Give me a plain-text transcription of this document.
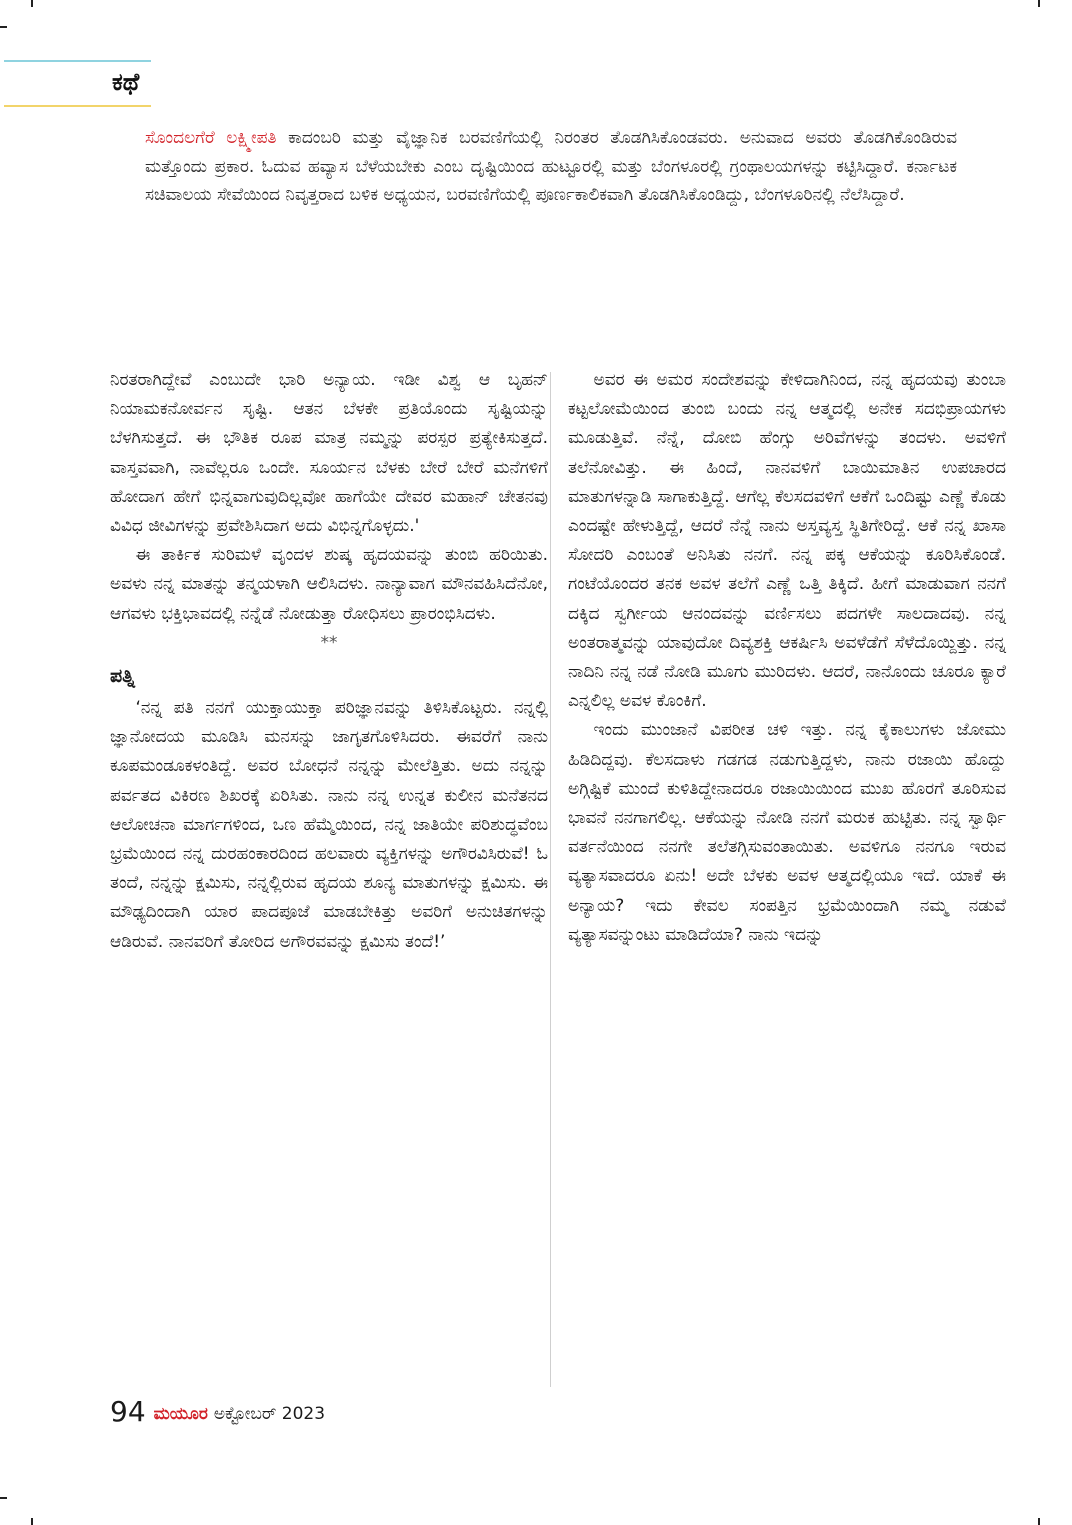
ಕಥೆ
ಸೊಂದಲಗೆರೆ ಲಕ್ಷ್ಮೀಪತಿ ಕಾದಂಬರಿ ಮತ್ತು ವೈಜ್ಞಾನಿಕ ಬರವಣಿಗೆಯಲ್ಲಿ ನಿರಂತರ ತೊಡಗಿಸಿಕೊಂಡವರು. ಅನುವಾದ ಅವರು ತೊಡಗಿಕೊಂಡಿರುವ ಮತ್ತೊಂದು ಪ್ರಕಾರ. ಓದುವ ಹವ್ಯಾಸ ಬೆಳೆಯಬೇಕು ಎಂಬ ದೃಷ್ಟಿಯಿಂದ ಹುಟ್ಟೂರಲ್ಲಿ ಮತ್ತು ಬೆಂಗಳೂರಲ್ಲಿ ಗ್ರಂಥಾಲಯಗಳನ್ನು ಕಟ್ಟಿಸಿದ್ದಾರೆ. ಕರ್ನಾಟಕ ಸಚಿವಾಲಯ ಸೇವೆಯಿಂದ ನಿವೃತ್ತರಾದ ಬಳಿಕ ಅಧ್ಯಯನ, ಬರವಣಿಗೆಯಲ್ಲಿ ಪೂರ್ಣಕಾಲಿಕವಾಗಿ ತೊಡಗಿಸಿಕೊಂಡಿದ್ದು, ಬೆಂಗಳೂರಿನಲ್ಲಿ ನೆಲೆಸಿದ್ದಾರೆ.

ನಿರತರಾಗಿದ್ದೇವೆ ಎಂಬುದೇ ಭಾರಿ ಅನ್ಯಾಯ. ಇಡೀ ವಿಶ್ವ ಆ ಬೃಹನ್ ನಿಯಾಮಕನೋರ್ವನ ಸೃಷ್ಟಿ. ಆತನ ಬೆಳಕೇ ಪ್ರತಿಯೊಂದು ಸೃಷ್ಟಿಯನ್ನು ಬೆಳಗಿಸುತ್ತದೆ. ಈ ಭೌತಿಕ ರೂಪ ಮಾತ್ರ ನಮ್ಮನ್ನು ಪರಸ್ಪರ ಪ್ರತ್ಯೇಕಿಸುತ್ತದೆ. ವಾಸ್ತವವಾಗಿ, ನಾವೆಲ್ಲರೂ ಒಂದೇ. ಸೂರ್ಯನ ಬೆಳಕು ಬೇರೆ ಬೇರೆ ಮನೆಗಳಿಗೆ ಹೋದಾಗ ಹೇಗೆ ಭಿನ್ನವಾಗುವುದಿಲ್ಲವೋ ಹಾಗೆಯೇ ದೇವರ ಮಹಾನ್ ಚೇತನವು ವಿವಿಧ ಜೀವಿಗಳನ್ನು ಪ್ರವೇಶಿಸಿದಾಗ ಅದು ವಿಭಿನ್ನಗೊಳ್ಳದು.'

ಈ ತಾರ್ಕಿಕ ಸುರಿಮಳೆ ವೃಂದಳ ಶುಷ್ಕ ಹೃದಯವನ್ನು ತುಂಬಿ ಹರಿಯಿತು. ಅವಳು ನನ್ನ ಮಾತನ್ನು ತನ್ಮಯಳಾಗಿ ಆಲಿಸಿದಳು. ನಾನ್ಯಾವಾಗ ಮೌನವಹಿಸಿದೆನೋ, ಆಗವಳು ಭಕ್ತಿಭಾವದಲ್ಲಿ ನನ್ನೆಡೆ ನೋಡುತ್ತಾ ರೋಧಿಸಲು ಪ್ರಾರಂಭಿಸಿದಳು.

**

ಪತ್ನಿ

‘ನನ್ನ ಪತಿ ನನಗೆ ಯುಕ್ತಾಯುಕ್ತಾ ಪರಿಜ್ಞಾನವನ್ನು ತಿಳಿಸಿಕೊಟ್ಟರು. ನನ್ನಲ್ಲಿ ಜ್ಞಾನೋದಯ ಮೂಡಿಸಿ ಮನಸನ್ನು ಜಾಗೃತಗೊಳಿಸಿದರು. ಈವರೆಗೆ ನಾನು ಕೂಪಮಂಡೂಕಳಂತಿದ್ದೆ. ಅವರ ಬೋಧನೆ ನನ್ನನ್ನು ಮೇಲೆತ್ತಿತು. ಅದು ನನ್ನನ್ನು ಪರ್ವತದ ವಿಕಿರಣ ಶಿಖರಕ್ಕೆ ಏರಿಸಿತು. ನಾನು ನನ್ನ ಉನ್ನತ ಕುಲೀನ ಮನೆತನದ ಆಲೋಚನಾ ಮಾರ್ಗಗಳಿಂದ, ಒಣ ಹೆಮ್ಮೆಯಿಂದ, ನನ್ನ ಜಾತಿಯೇ ಪರಿಶುದ್ಧವೆಂಬ ಭ್ರಮೆಯಿಂದ ನನ್ನ ದುರಹಂಕಾರದಿಂದ ಹಲವಾರು ವ್ಯಕ್ತಿಗಳನ್ನು ಅಗೌರವಿಸಿರುವೆ! ಓ ತಂದೆ, ನನ್ನನ್ನು ಕ್ಷಮಿಸು, ನನ್ನಲ್ಲಿರುವ ಹೃದಯ ಶೂನ್ಯ ಮಾತುಗಳನ್ನು ಕ್ಷಮಿಸು. ಈ ಮೌಢ್ಯದಿಂದಾಗಿ ಯಾರ ಪಾದಪೂಜೆ ಮಾಡಬೇಕಿತ್ತು ಅವರಿಗೆ ಅನುಚಿತಗಳನ್ನು ಆಡಿರುವೆ. ನಾನವರಿಗೆ ತೋರಿದ ಅಗೌರವವನ್ನು ಕ್ಷಮಿಸು ತಂದೆ!’

ಅವರ ಈ ಅಮರ ಸಂದೇಶವನ್ನು ಕೇಳಿದಾಗಿನಿಂದ, ನನ್ನ ಹೃದಯವು ತುಂಬಾ ಕಟ್ಟಲೋಮೆಯಿಂದ ತುಂಬಿ ಬಂದು ನನ್ನ ಆತ್ಮದಲ್ಲಿ ಅನೇಕ ಸದಭಿಪ್ರಾಯಗಳು ಮೂಡುತ್ತಿವೆ. ನೆನ್ನೆ, ದೋಬಿ ಹೆಂಗ್ಸು ಅರಿವೆಗಳನ್ನು ತಂದಳು. ಅವಳಿಗೆ ತಲೆನೋವಿತ್ತು. ಈ ಹಿಂದೆ, ನಾನವಳಿಗೆ ಬಾಯಿಮಾತಿನ ಉಪಚಾರದ ಮಾತುಗಳನ್ನಾಡಿ ಸಾಗಾಕುತ್ತಿದ್ದೆ. ಆಗೆಲ್ಲ ಕೆಲಸದವಳಿಗೆ ಆಕೆಗೆ ಒಂದಿಷ್ಟು ಎಣ್ಣೆ ಕೊಡು ಎಂದಷ್ಟೇ ಹೇಳುತ್ತಿದ್ದೆ, ಆದರೆ ನೆನ್ನೆ ನಾನು ಅಸ್ತವ್ಯಸ್ತ ಸ್ಥಿತಿಗೇರಿದ್ದೆ. ಆಕೆ ನನ್ನ ಖಾಸಾ ಸೋದರಿ ಎಂಬಂತೆ ಅನಿಸಿತು ನನಗೆ. ನನ್ನ ಪಕ್ಕ ಆಕೆಯನ್ನು ಕೂರಿಸಿಕೊಂಡೆ. ಗಂಟೆಯೊಂದರ ತನಕ ಅವಳ ತಲೆಗೆ ಎಣ್ಣೆ ಒತ್ತಿ ತಿಕ್ಕಿದೆ. ಹೀಗೆ ಮಾಡುವಾಗ ನನಗೆ ದಕ್ಕಿದ ಸ್ವರ್ಗೀಯ ಆನಂದವನ್ನು ವರ್ಣಿಸಲು ಪದಗಳೇ ಸಾಲದಾದವು. ನನ್ನ ಅಂತರಾತ್ಮವನ್ನು ಯಾವುದೋ ದಿವ್ಯಶಕ್ತಿ ಆಕರ್ಷಿಸಿ ಅವಳೆಡೆಗೆ ಸೆಳೆದೊಯ್ದಿತ್ತು. ನನ್ನ ನಾದಿನಿ ನನ್ನ ನಡೆ ನೋಡಿ ಮೂಗು ಮುರಿದಳು. ಆದರೆ, ನಾನೊಂದು ಚೂರೂ ಕ್ಯಾರೆ ಎನ್ನಲಿಲ್ಲ ಅವಳ ಕೊಂಕಿಗೆ.

ಇಂದು ಮುಂಜಾನೆ ವಿಪರೀತ ಚಳಿ ಇತ್ತು. ನನ್ನ ಕೈಕಾಲುಗಳು ಜೋಮು ಹಿಡಿದಿದ್ದವು. ಕೆಲಸದಾಳು ಗಡಗಡ ನಡುಗುತ್ತಿದ್ದಳು, ನಾನು ರಜಾಯಿ ಹೊದ್ದು ಅಗ್ಗಿಷ್ಟಿಕೆ ಮುಂದೆ ಕುಳಿತಿದ್ದೇನಾದರೂ ರಜಾಯಿಯಿಂದ ಮುಖ ಹೊರಗೆ ತೂರಿಸುವ ಭಾವನೆ ನನಗಾಗಲಿಲ್ಲ. ಆಕೆಯನ್ನು ನೋಡಿ ನನಗೆ ಮರುಕ ಹುಟ್ಟಿತು. ನನ್ನ ಸ್ವಾರ್ಥಿ ವರ್ತನೆಯಿಂದ ನನಗೇ ತಲೆತಗ್ಗಿಸುವಂತಾಯಿತು. ಅವಳಿಗೂ ನನಗೂ ಇರುವ ವ್ಯತ್ಯಾಸವಾದರೂ ಏನು! ಅದೇ ಬೆಳಕು ಅವಳ ಆತ್ಮದಲ್ಲಿಯೂ ಇದೆ. ಯಾಕೆ ಈ ಅನ್ಯಾಯ? ಇದು ಕೇವಲ ಸಂಪತ್ತಿನ ಭ್ರಮೆಯಿಂದಾಗಿ ನಮ್ಮ ನಡುವೆ ವ್ಯತ್ಯಾಸವನ್ನುಂಟು ಮಾಡಿದೆಯಾ? ನಾನು ಇದನ್ನು

94 ಮಯೂರ ಅಕ್ಟೋಬರ್ 2023
